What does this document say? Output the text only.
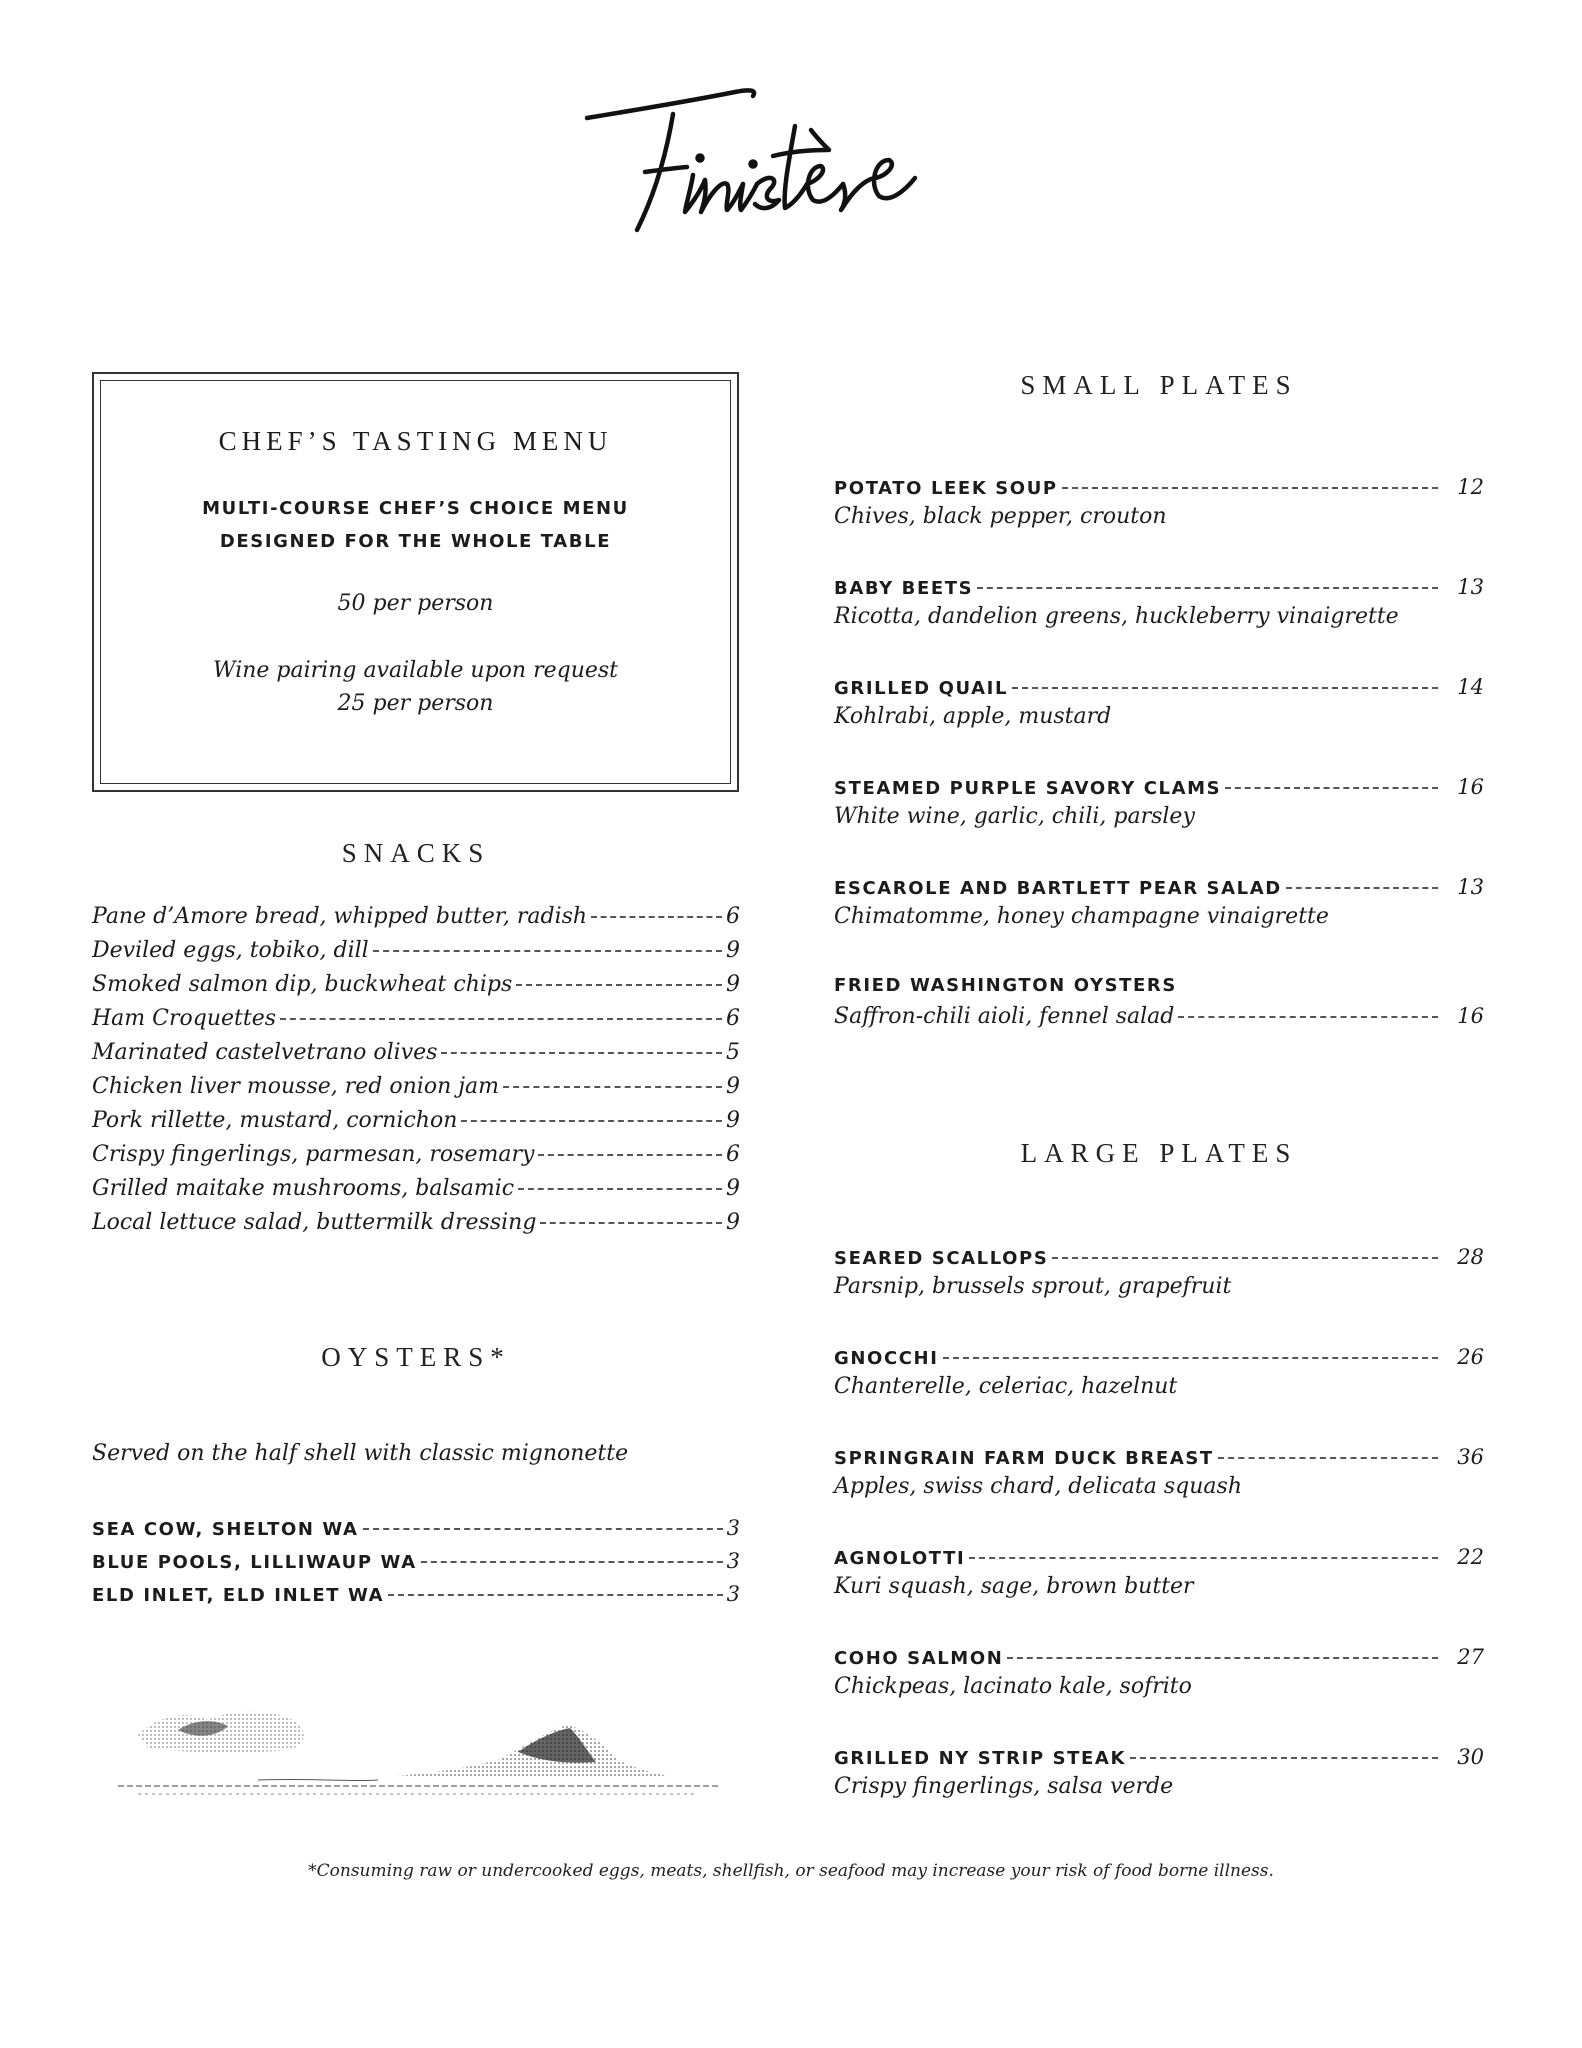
CHEF’S TASTING MENU
MULTI-COURSE CHEF’S CHOICE MENU
DESIGNED FOR THE WHOLE TABLE
50 per person
Wine pairing available upon request
25 per person
SNACKS
Pane d’Amore bread, whipped butter, radish	6
Deviled eggs, tobiko, dill	9
Smoked salmon dip, buckwheat chips	9
Ham Croquettes	6
Marinated castelvetrano olives	5
Chicken liver mousse, red onion jam	9
Pork rillette, mustard, cornichon	9
Crispy fingerlings, parmesan, rosemary	6
Grilled maitake mushrooms, balsamic	9
Local lettuce salad, buttermilk dressing	9
OYSTERS*
Served on the half shell with classic mignonette
SEA COW, SHELTON WA	3
BLUE POOLS, LILLIWAUP WA	3
ELD INLET, ELD INLET WA	3
SMALL PLATES
POTATO LEEK SOUP	12
Chives, black pepper, crouton
BABY BEETS	13
Ricotta, dandelion greens, huckleberry vinaigrette
GRILLED QUAIL	14
Kohlrabi, apple, mustard
STEAMED PURPLE SAVORY CLAMS	16
White wine, garlic, chili, parsley
ESCAROLE AND BARTLETT PEAR SALAD	13
Chimatomme, honey champagne vinaigrette
FRIED WASHINGTON OYSTERS
Saffron-chili aioli, fennel salad	16
LARGE PLATES
SEARED SCALLOPS	28
Parsnip, brussels sprout, grapefruit
GNOCCHI	26
Chanterelle, celeriac, hazelnut
SPRINGRAIN FARM DUCK BREAST	36
Apples, swiss chard, delicata squash
AGNOLOTTI	22
Kuri squash, sage, brown butter
COHO SALMON	27
Chickpeas, lacinato kale, sofrito
GRILLED NY STRIP STEAK	30
Crispy fingerlings, salsa verde
*Consuming raw or undercooked eggs, meats, shellfish, or seafood may increase your risk of food borne illness.
